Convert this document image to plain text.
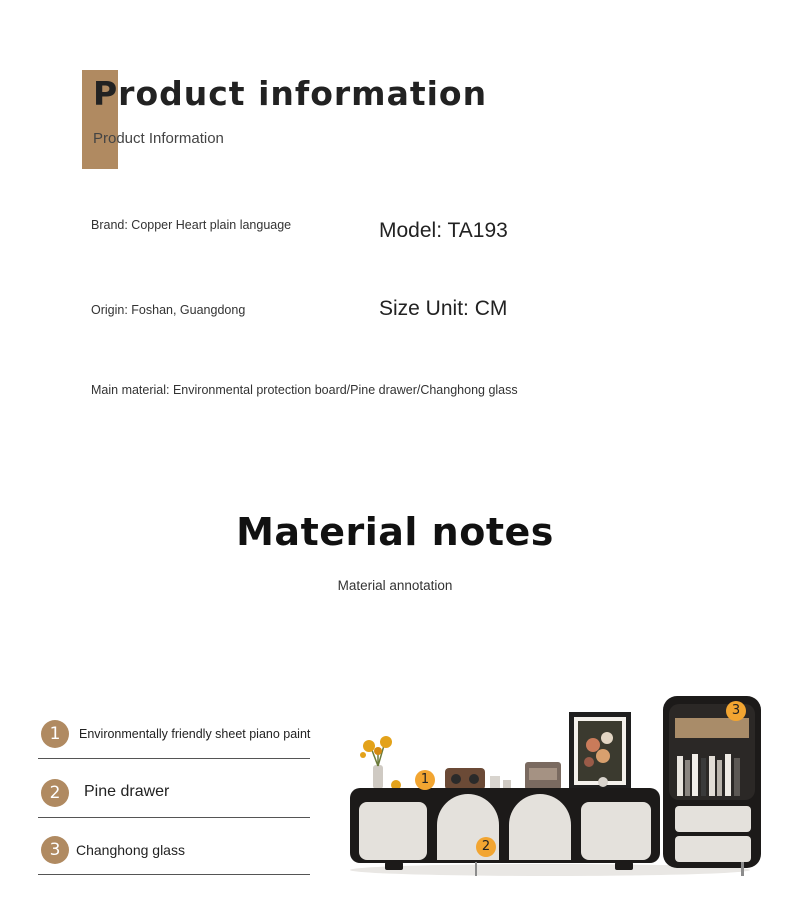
Product information
Product Information
Brand: Copper Heart plain language	Model: TA193
Origin: Foshan, Guangdong	Size Unit: CM
Main material: Environmental protection board/Pine drawer/Changhong glass
Material notes
Material annotation
1	Environmentally friendly sheet piano paint
2	Pine drawer
3	Changhong glass
1
2
3
